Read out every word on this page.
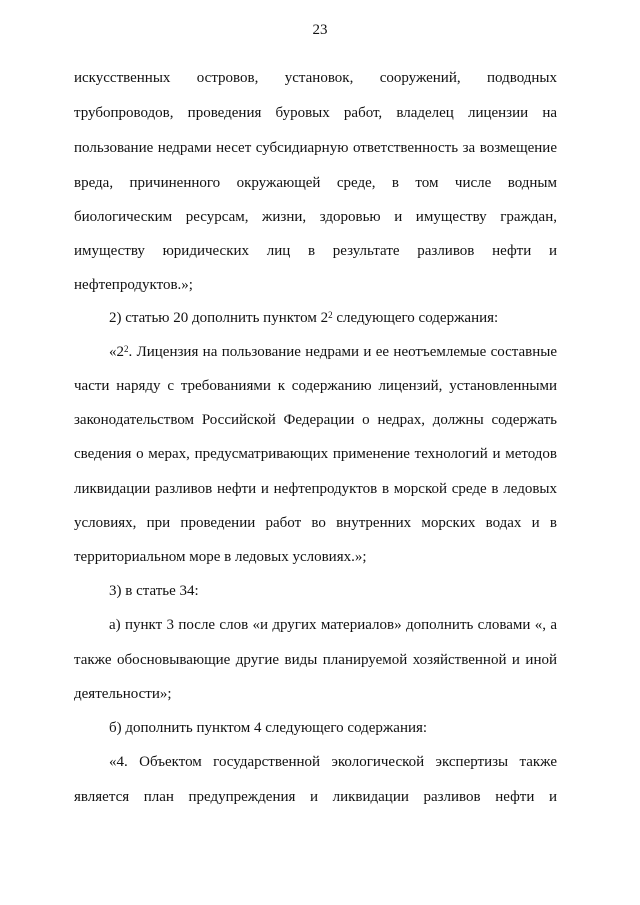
23
искусственных островов, установок, сооружений, подводных
трубопроводов, проведения буровых работ, владелец лицензии на
пользование недрами несет субсидиарную ответственность за возмещение
вреда, причиненного окружающей среде, в том числе водным
биологическим ресурсам, жизни, здоровью и имуществу граждан,
имуществу юридических лиц в результате разливов нефти и
нефтепродуктов.»;
2) статью 20 дополнить пунктом $2^2$ следующего содержания:
«$2^2$. Лицензия на пользование недрами и ее неотъемлемые составные
части наряду с требованиями к содержанию лицензий, установленными
законодательством Российской Федерации о недрах, должны содержать
сведения о мерах, предусматривающих применение технологий и методов
ликвидации разливов нефти и нефтепродуктов в морской среде в ледовых
условиях, при проведении работ во внутренних морских водах и в
территориальном море в ледовых условиях.»;
3) в статье 34:
а) пункт 3 после слов «и других материалов» дополнить словами «, а
также обосновывающие другие виды планируемой хозяйственной и иной
деятельности»;
б) дополнить пунктом 4 следующего содержания:
«4. Объектом государственной экологической экспертизы также
является план предупреждения и ликвидации разливов нефти и
